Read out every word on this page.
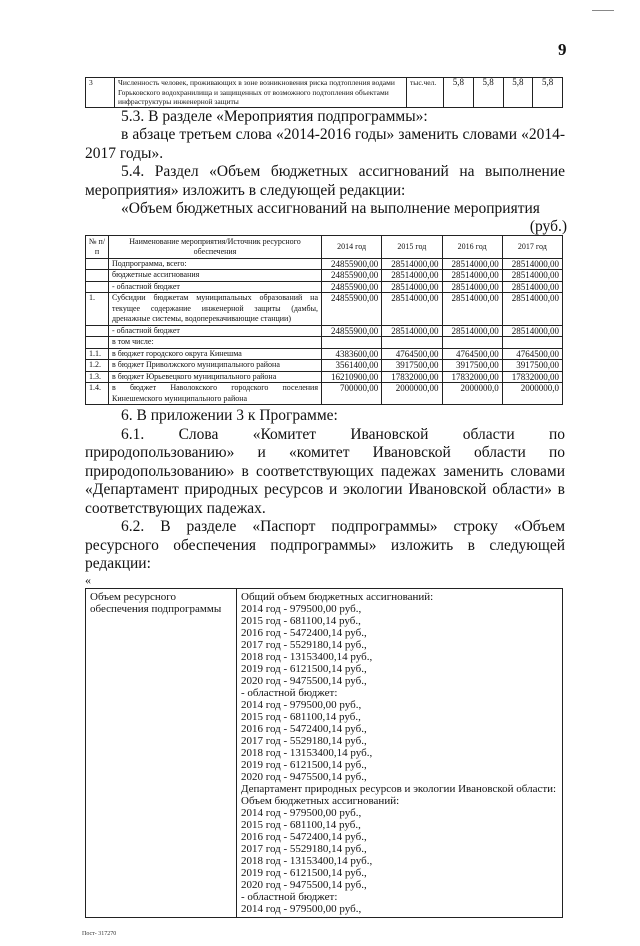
9
3	Численность человек, проживающих в зоне возникновения риска подтопления водами Горьковского водохранилища и защищенных от возможного подтопления объектами инфраструктуры инженерной защиты	тыс.чел.	5,8	5,8	5,8	5,8
5.3. В разделе «Мероприятия подпрограммы»:
в абзаце третьем слова «2014-2016 годы» заменить словами «2014-2017 годы».
5.4. Раздел «Объем бюджетных ассигнований на выполнение мероприятия» изложить в следующей редакции:
«Объем бюджетных ассигнований на выполнение мероприятия
(руб.)
№ п/п	Наименование мероприятия/Источник ресурсного обеспечения	2014 год	2015 год	2016 год	2017 год
	Подпрограмма, всего:	24855900,00	28514000,00	28514000,00	28514000,00
	бюджетные ассигнования	24855900,00	28514000,00	28514000,00	28514000,00
	- областной бюджет	24855900,00	28514000,00	28514000,00	28514000,00
1.	Субсидии бюджетам муниципальных образований на текущее содержание инженерной защиты (дамбы, дренажные системы, водоперекачивающие станции)	24855900,00	28514000,00	28514000,00	28514000,00
	- областной бюджет	24855900,00	28514000,00	28514000,00	28514000,00
	в том числе:				
1.1.	в бюджет городского округа Кинешма	4383600,00	4764500,00	4764500,00	4764500,00
1.2.	в бюджет Приволжского муниципального района	3561400,00	3917500,00	3917500,00	3917500,00
1.3.	в бюджет Юрьевецкого муниципального района	16210900,00	17832000,00	17832000,00	17832000,00
1.4.	в бюджет Наволокского городского поселения Кинешемского муниципального района	700000,00	2000000,00	2000000,0	2000000,0
6. В приложении 3 к Программе:
6.1. Слова «Комитет Ивановской области по природопользованию» и «комитет Ивановской области по природопользованию» в соответствующих падежах заменить словами «Департамент природных ресурсов и экологии Ивановской области» в соответствующих падежах.
6.2. В разделе «Паспорт подпрограммы» строку «Объем ресурсного обеспечения подпрограммы» изложить в следующей редакции:
«
Объем ресурсного обеспечения подпрограммы	
Общий объем бюджетных ассигнований:
2014 год - 979500,00 руб.,
2015 год - 681100,14 руб.,
2016 год - 5472400,14 руб.,
2017 год - 5529180,14 руб.,
2018 год - 13153400,14 руб.,
2019 год - 6121500,14 руб.,
2020 год - 9475500,14 руб.,
- областной бюджет:
2014 год - 979500,00 руб.,
2015 год - 681100,14 руб.,
2016 год - 5472400,14 руб.,
2017 год - 5529180,14 руб.,
2018 год - 13153400,14 руб.,
2019 год - 6121500,14 руб.,
2020 год - 9475500,14 руб.,
Департамент природных ресурсов и экологии Ивановской области:
Объем бюджетных ассигнований:
2014 год - 979500,00 руб.,
2015 год - 681100,14 руб.,
2016 год - 5472400,14 руб.,
2017 год - 5529180,14 руб.,
2018 год - 13153400,14 руб.,
2019 год - 6121500,14 руб.,
2020 год - 9475500,14 руб.,
- областной бюджет:
2014 год - 979500,00 руб.,
Пост- 317270
